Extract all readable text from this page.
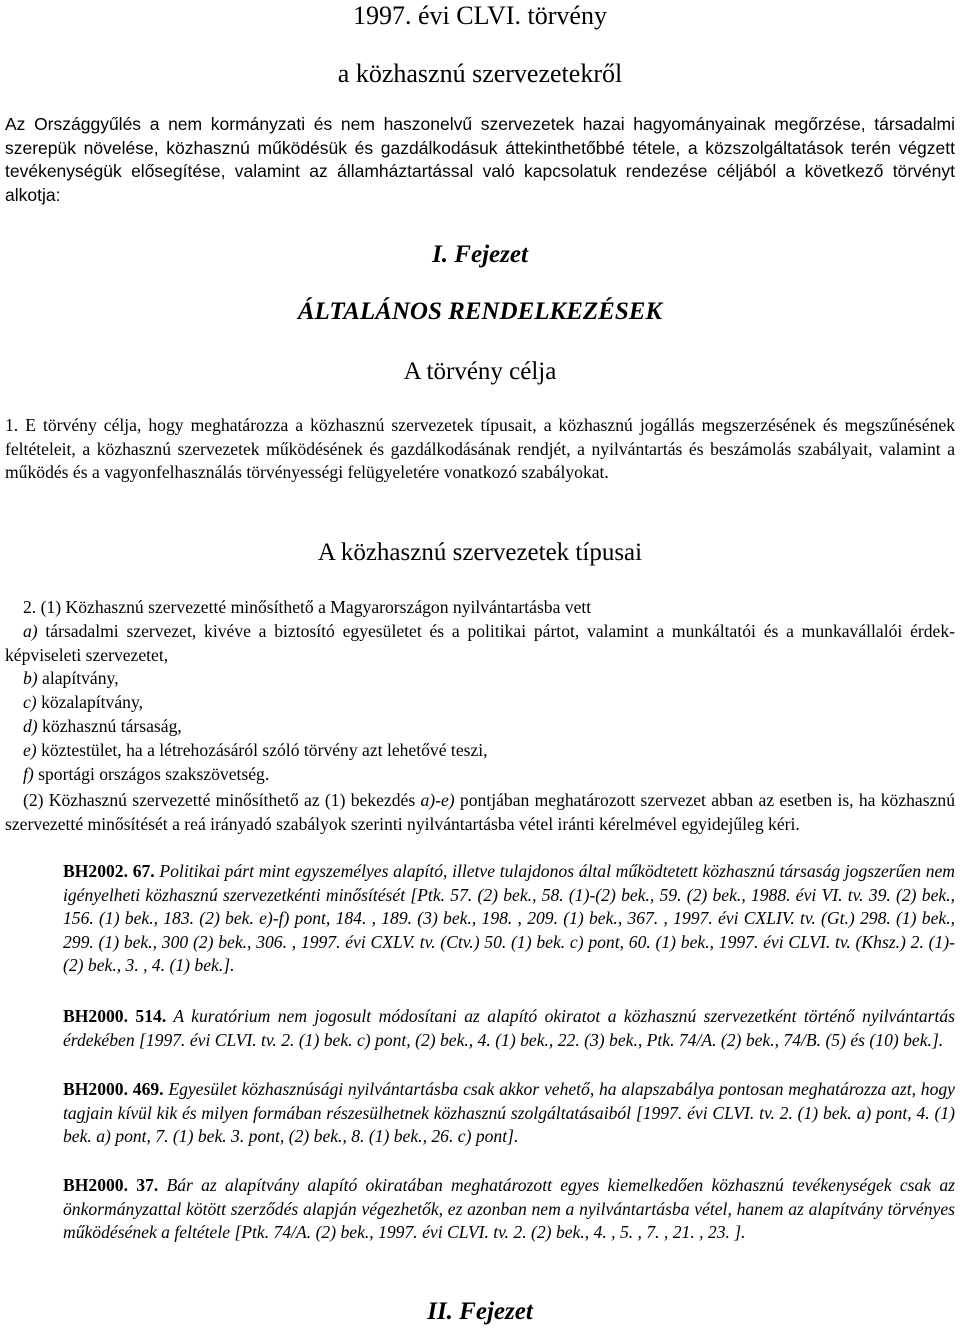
1997. évi CLVI. törvény
a közhasznú szervezetekről
Az Országgyűlés a nem kormányzati és nem haszonelvű szervezetek hazai hagyományainak megőrzése, társadalmi szerepük növelése, közhasznú működésük és gazdálkodásuk áttekinthetőbbé tétele, a közszolgáltatások terén végzett tevékenységük elősegítése, valamint az államháztartással való kapcsolatuk rendezése céljából a következő törvényt alkotja:
I. Fejezet
ÁLTALÁNOS RENDELKEZÉSEK
A törvény célja
1. E törvény célja, hogy meghatározza a közhasznú szervezetek típusait, a közhasznú jogállás megszerzésének és megszűnésének feltételeit, a közhasznú szervezetek működésének és gazdálkodásának rendjét, a nyilvántartás és beszámolás szabályait, valamint a működés és a vagyonfelhasználás törvényességi felügyeletére vonatkozó szabályokat.
A közhasznú szervezetek típusai
2. (1) Közhasznú szervezetté minősíthető a Magyarországon nyilvántartásba vett
a) társadalmi szervezet, kivéve a biztosító egyesületet és a politikai pártot, valamint a munkáltatói és a munkavállalói érdek-képviseleti szervezetet,
b) alapítvány,
c) közalapítvány,
d) közhasznú társaság,
e) köztestület, ha a létrehozásáról szóló törvény azt lehetővé teszi,
f) sportági országos szakszövetség.
(2) Közhasznú szervezetté minősíthető az (1) bekezdés a)-e) pontjában meghatározott szervezet abban az esetben is, ha közhasznú szervezetté minősítését a reá irányadó szabályok szerinti nyilvántartásba vétel iránti kérelmével egyidejűleg kéri.
BH2002. 67. Politikai párt mint egyszemélyes alapító, illetve tulajdonos által működtetett közhasznú társaság jogszerűen nem igényelheti közhasznú szervezetkénti minősítését [Ptk. 57. (2) bek., 58. (1)-(2) bek., 59. (2) bek., 1988. évi VI. tv. 39. (2) bek., 156. (1) bek., 183. (2) bek. e)-f) pont, 184. , 189. (3) bek., 198. , 209. (1) bek., 367. , 1997. évi CXLIV. tv. (Gt.) 298. (1) bek., 299. (1) bek., 300 (2) bek., 306. , 1997. évi CXLV. tv. (Ctv.) 50. (1) bek. c) pont, 60. (1) bek., 1997. évi CLVI. tv. (Khsz.) 2. (1)-(2) bek., 3. , 4. (1) bek.].
BH2000. 514. A kuratórium nem jogosult módosítani az alapító okiratot a közhasznú szervezetként történő nyilvántartás érdekében [1997. évi CLVI. tv. 2. (1) bek. c) pont, (2) bek., 4. (1) bek., 22. (3) bek., Ptk. 74/A. (2) bek., 74/B. (5) és (10) bek.].
BH2000. 469. Egyesület közhasznúsági nyilvántartásba csak akkor vehető, ha alapszabálya pontosan meghatározza azt, hogy tagjain kívül kik és milyen formában részesülhetnek közhasznú szolgáltatásaiból [1997. évi CLVI. tv. 2. (1) bek. a) pont, 4. (1) bek. a) pont, 7. (1) bek. 3. pont, (2) bek., 8. (1) bek., 26. c) pont].
BH2000. 37. Bár az alapítvány alapító okiratában meghatározott egyes kiemelkedően közhasznú tevékenységek csak az önkormányzattal kötött szerződés alapján végezhetők, ez azonban nem a nyilvántartásba vétel, hanem az alapítvány törvényes működésének a feltétele [Ptk. 74/A. (2) bek., 1997. évi CLVI. tv. 2. (2) bek., 4. , 5. , 7. , 21. , 23. ].
II. Fejezet
